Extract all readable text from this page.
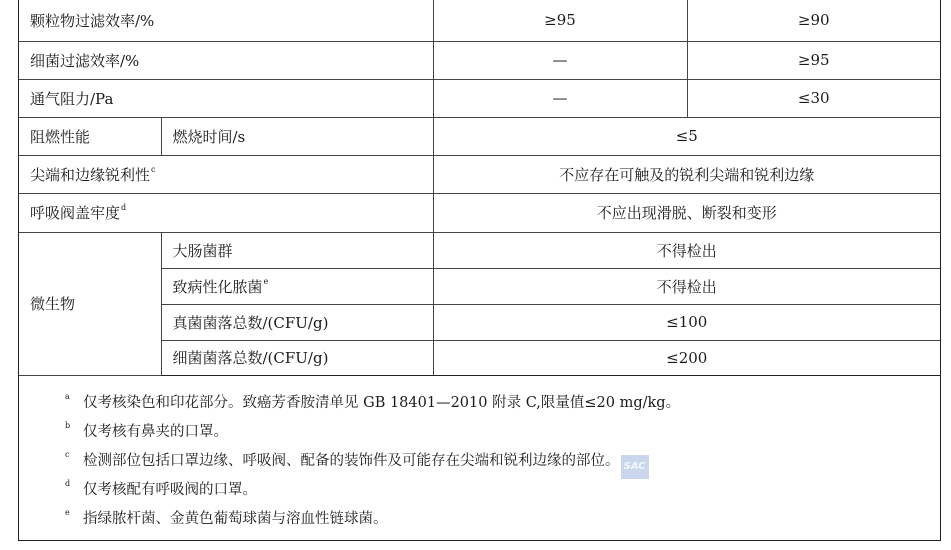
颗粒物过滤效率/%		≥95	≥90
细菌过滤效率/%		—	≥95
通气阻力/Pa		—	≤30
阻燃性能	燃烧时间/s	≤5	
尖端和边缘锐利性$^c$		不应存在可触及的锐利尖端和锐利边缘	
呼吸阀盖牢度$^d$		不应出现滑脱、断裂和变形	
微生物	大肠菌群	不得检出	
	致病性化脓菌$^e$	不得检出	
	真菌菌落总数/(CFU/g)	≤100	
	细菌菌落总数/(CFU/g)	≤200	
a 仅考核染色和印花部分。致癌芳香胺清单见 GB 18401—2010 附录 C,限量值≤20 mg/kg。
b 仅考核有鼻夹的口罩。
c 检测部位包括口罩边缘、呼吸阀、配备的装饰件及可能存在尖端和锐利边缘的部位。 SAC
d 仅考核配有呼吸阀的口罩。
e 指绿脓杆菌、金黄色葡萄球菌与溶血性链球菌。
